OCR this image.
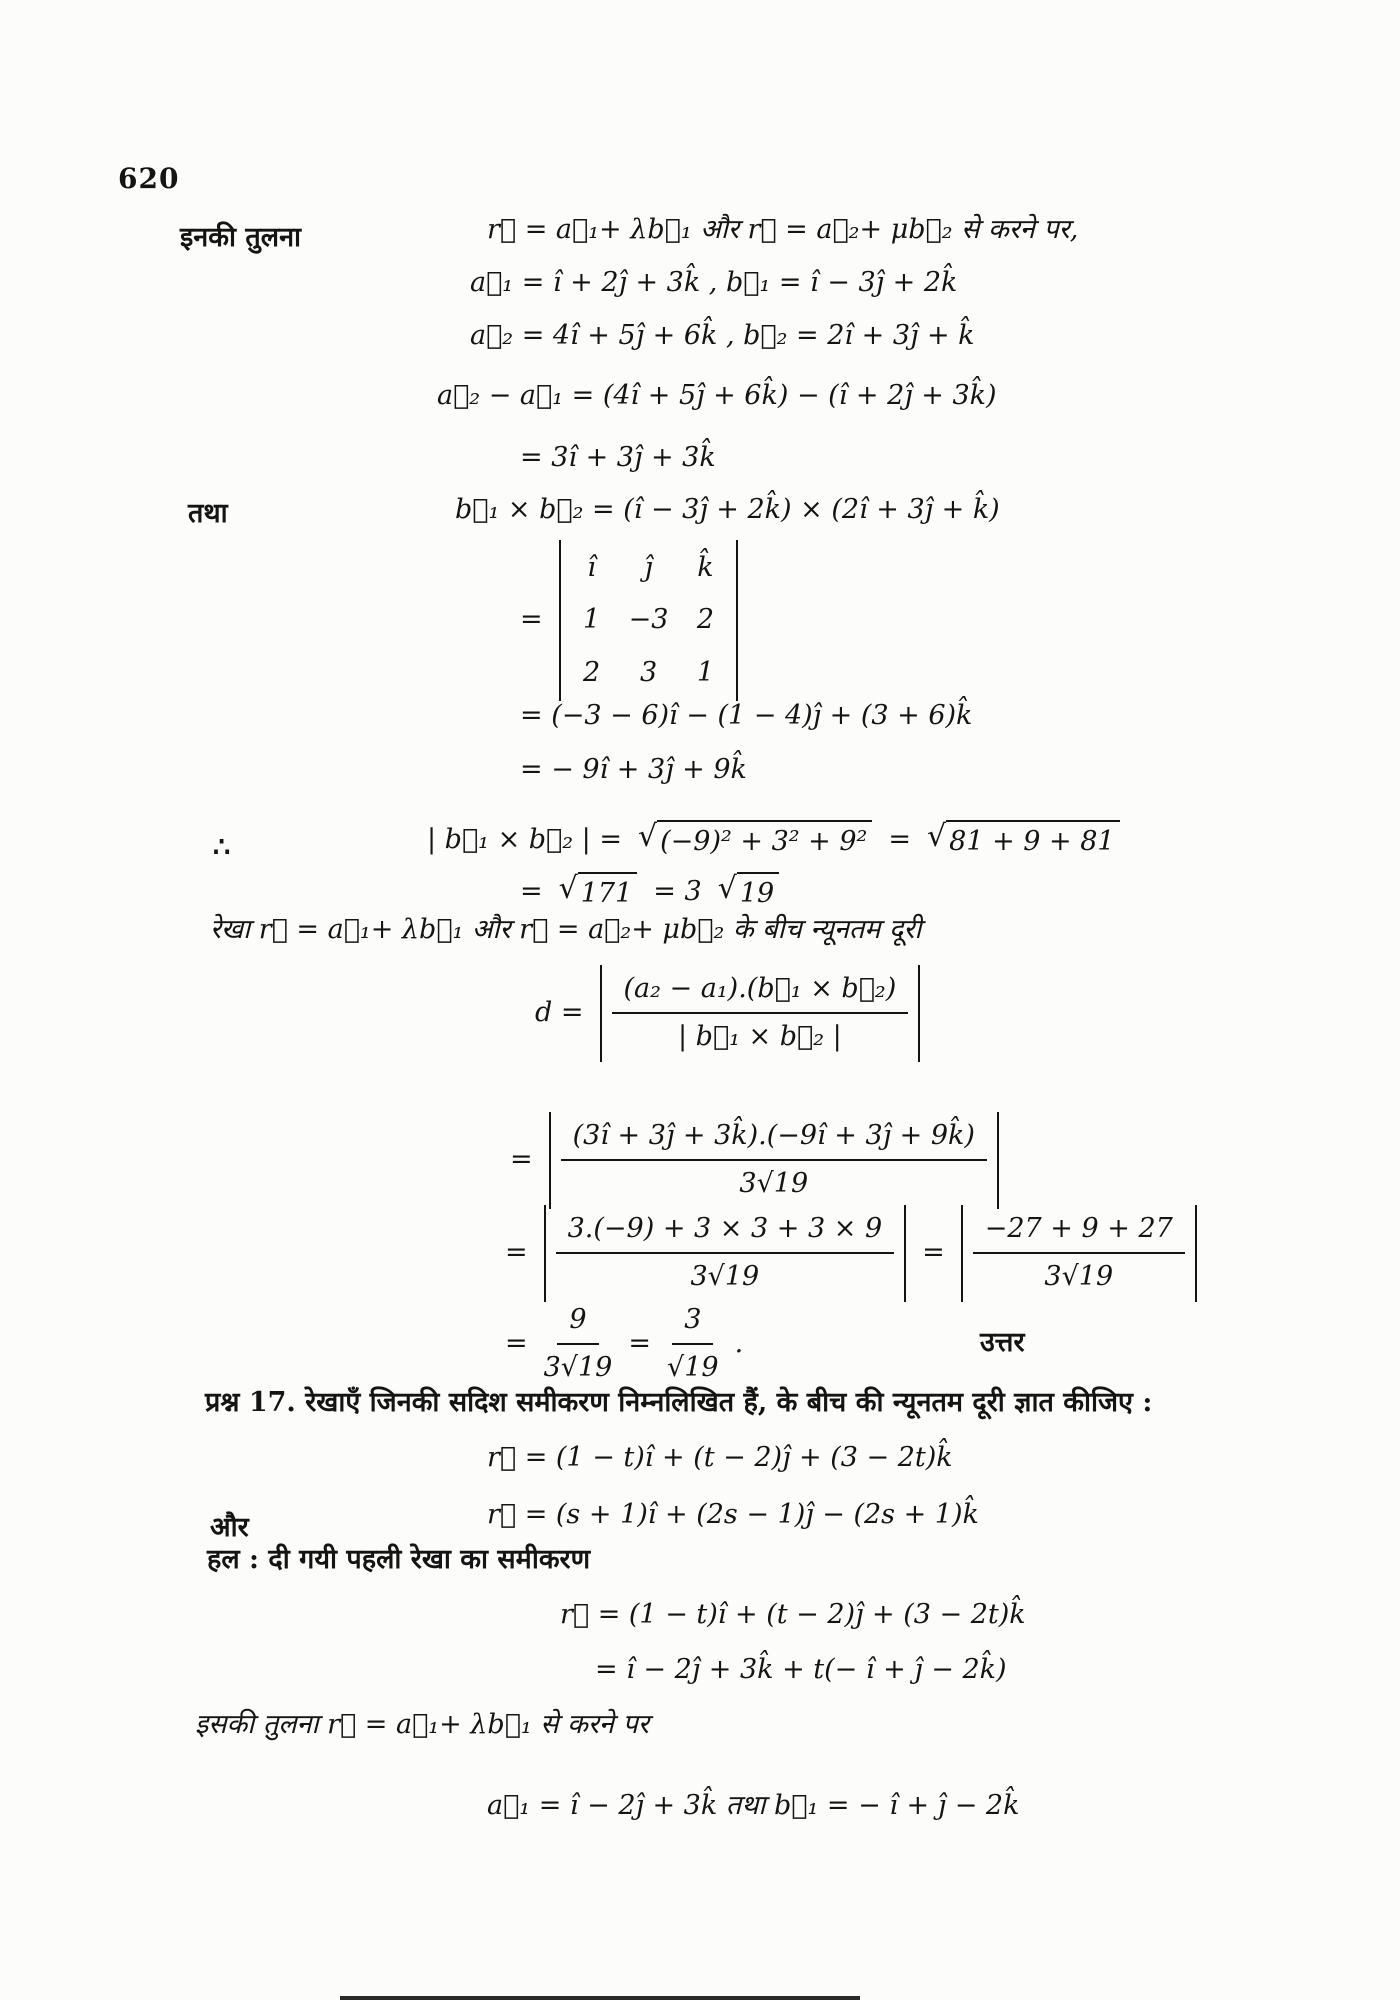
620
इनकी तुलना	r⃗ = a⃗₁+ λb⃗₁ और r⃗ = a⃗₂+ μb⃗₂ से करने पर,
a⃗₁ = î + 2ĵ + 3k̂ , b⃗₁ = î − 3ĵ + 2k̂
a⃗₂ = 4î + 5ĵ + 6k̂ , b⃗₂ = 2î + 3ĵ + k̂
a⃗₂ − a⃗₁ = (4î + 5ĵ + 6k̂) − (î + 2ĵ + 3k̂)
= 3î + 3ĵ + 3k̂
तथा	b⃗₁ × b⃗₂ = (î − 3ĵ + 2k̂) × (2î + 3ĵ + k̂)
=
î ĵ k̂
1 −3 2
2 3 1
= (−3 − 6)î − (1 − 4)ĵ + (3 + 6)k̂
= − 9î + 3ĵ + 9k̂
∴	| b⃗₁ × b⃗₂ | = √ (−9)² + 3² + 9² = √ 81 + 9 + 81
= √ 171 = 3 √ 19
रेखा r⃗ = a⃗₁+ λb⃗₁ और r⃗ = a⃗₂+ μb⃗₂ के बीच न्यूनतम दूरी
$d = \frac{\text{(a₂ − a₁).(b⃗₁ × b⃗₂)}}{\text{| b⃗₁ × b⃗₂ |}}$
= $\frac{(3î + 3ĵ + 3k̂).(-9î + 3ĵ + 9k̂)}{3√19}$
= $\frac{3.(-9) + 3 \times 3 + 3 \times 9}{3√19} = \frac{-27 + 9 + 27}{3√19}$
= $\frac{9}{3√19} = \frac{3}{√19}$ .	उत्तर
प्रश्न 17. रेखाएँ जिनकी सदिश समीकरण निम्नलिखित हैं, के बीच की न्यूनतम दूरी ज्ञात कीजिए :
r⃗ = (1 − t)î + (t − 2)ĵ + (3 − 2t)k̂
और	r⃗ = (s + 1)î + (2s − 1)ĵ − (2s + 1)k̂
हल : दी गयी पहली रेखा का समीकरण
r⃗ = (1 − t)î + (t − 2)ĵ + (3 − 2t)k̂
= î − 2ĵ + 3k̂ + t(− î + ĵ − 2k̂)
इसकी तुलना r⃗ = a⃗₁+ λb⃗₁ से करने पर
a⃗₁ = î − 2ĵ + 3k̂ तथा b⃗₁ = − î + ĵ − 2k̂
